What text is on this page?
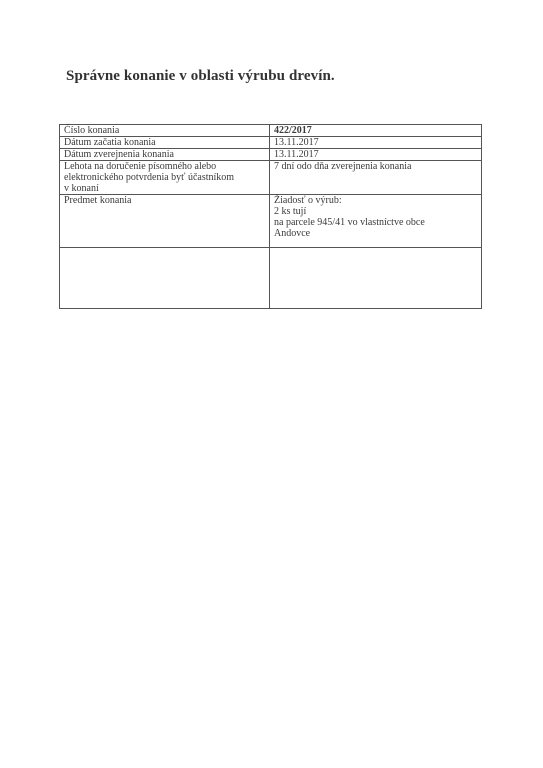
Správne konanie v oblasti výrubu drevín.
Číslo konania	422/2017
Dátum začatia konania	13.11.2017
Dátum zverejnenia konania	13.11.2017

Lehota na doručenie písomného alebo
elektronického potvrdenia byť účastníkom
v konaní	7 dní odo dňa zverejnenia konania
Predmet konania	Žiadosť o výrub:
2 ks tují
na parcele 945/41 vo vlastníctve obce
Andovce
